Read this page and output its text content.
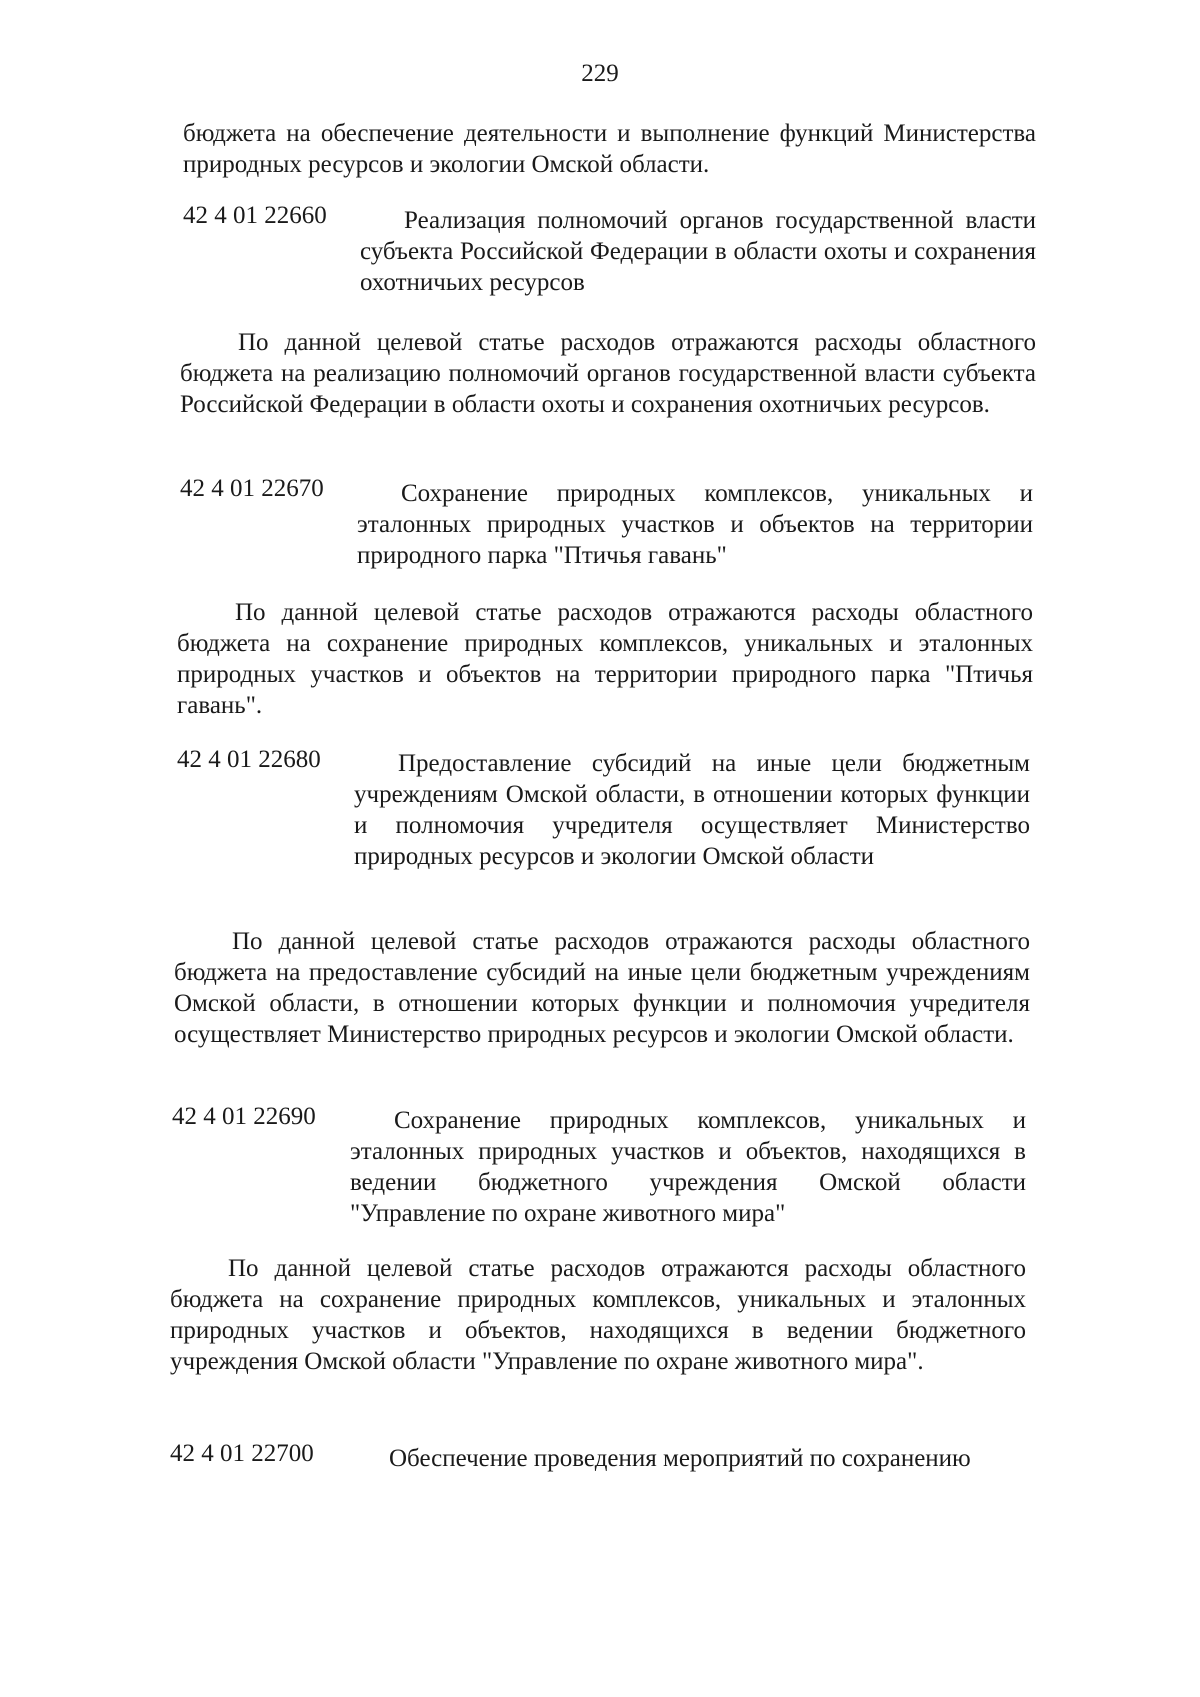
229

бюджета на обеспечение деятельности и выполнение функций Министерства природных ресурсов и экологии Омской области.

42 4 01 22660	Реализация полномочий органов государственной власти субъекта Российской Федерации в области охоты и сохранения охотничьих ресурсов

По данной целевой статье расходов отражаются расходы областного бюджета на реализацию полномочий органов государственной власти субъекта Российской Федерации в области охоты и сохранения охотничьих ресурсов.

42 4 01 22670	Сохранение природных комплексов, уникальных и эталонных природных участков и объектов на территории природного парка "Птичья гавань"

По данной целевой статье расходов отражаются расходы областного бюджета на сохранение природных комплексов, уникальных и эталонных природных участков и объектов на территории природного парка "Птичья гавань".

42 4 01 22680	Предоставление субсидий на иные цели бюджетным учреждениям Омской области, в отношении которых функции и полномочия учредителя осуществляет Министерство природных ресурсов и экологии Омской области

По данной целевой статье расходов отражаются расходы областного бюджета на предоставление субсидий на иные цели бюджетным учреждениям Омской области, в отношении которых функции и полномочия учредителя осуществляет Министерство природных ресурсов и экологии Омской области.

42 4 01 22690	Сохранение природных комплексов, уникальных и эталонных природных участков и объектов, находящихся в ведении бюджетного учреждения Омской области "Управление по охране животного мира"

По данной целевой статье расходов отражаются расходы областного бюджета на сохранение природных комплексов, уникальных и эталонных природных участков и объектов, находящихся в ведении бюджетного учреждения Омской области "Управление по охране животного мира".

42 4 01 22700	Обеспечение проведения мероприятий по сохранению
